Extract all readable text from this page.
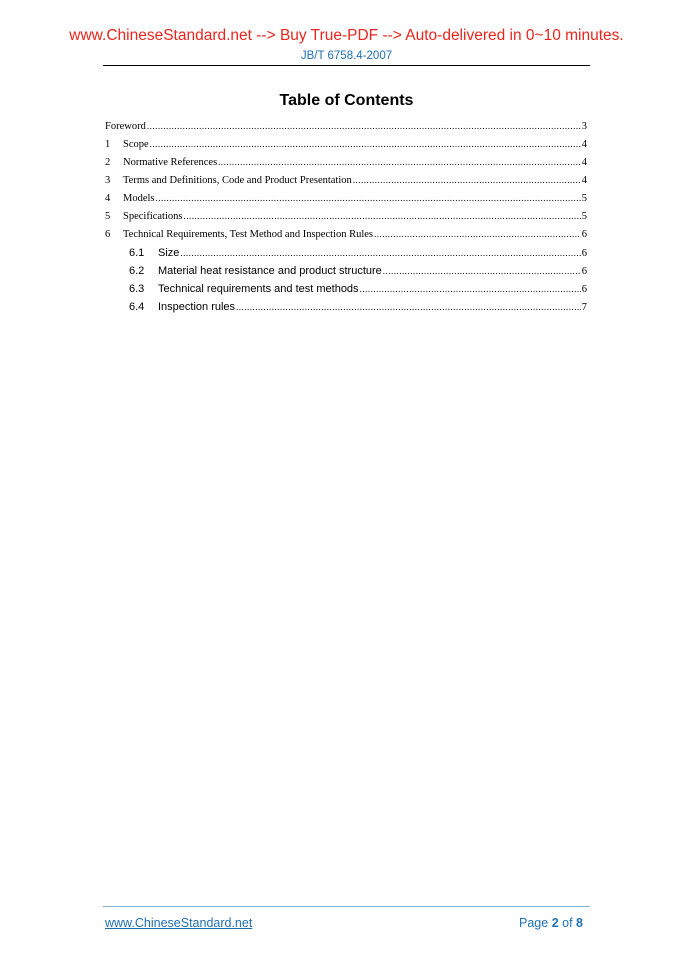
www.ChineseStandard.net --> Buy True-PDF --> Auto-delivered in 0~10 minutes.
JB/T 6758.4-2007
Table of Contents
Foreword .....	3
1	Scope .....	4
2	Normative References .....	4
3	Terms and Definitions, Code and Product Presentation .....	4
4	Models .....	5
5	Specifications .....	5
6	Technical Requirements, Test Method and Inspection Rules .....	6
6.1	Size .....	6
6.2	Material heat resistance and product structure .....	6
6.3	Technical requirements and test methods .....	6
6.4	Inspection rules .....	7
www.ChineseStandard.net	Page 2 of 8
